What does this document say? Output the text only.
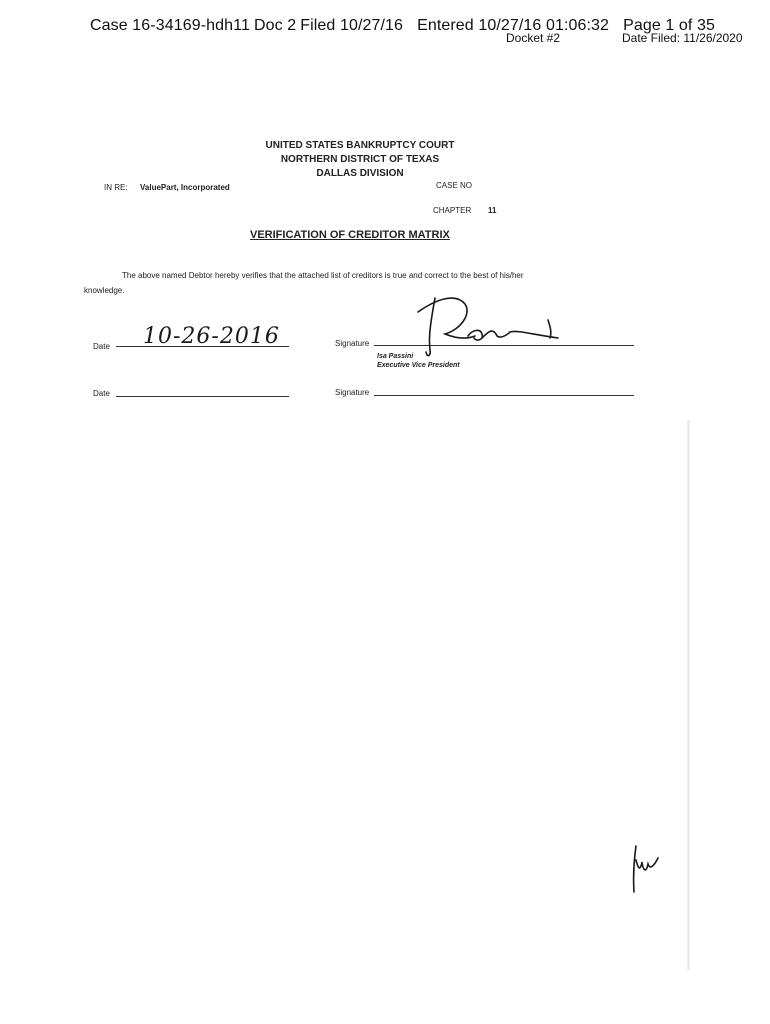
Case 16-34169-hdh11 Doc 2 Filed 10/27/16 Entered 10/27/16 01:06:32 Page 1 of 35
Docket #2	Date Filed: 11/26/2020
UNITED STATES BANKRUPTCY COURT
NORTHERN DISTRICT OF TEXAS
DALLAS DIVISION
IN RE: ValuePart, Incorporated	CASE NO
CHAPTER 11
VERIFICATION OF CREDITOR MATRIX
The above named Debtor hereby verifies that the attached list of creditors is true and correct to the best of his/her
knowledge.
Date 10-26-2016	Signature
Isa Passini
Executive Vice President
Date	Signature
